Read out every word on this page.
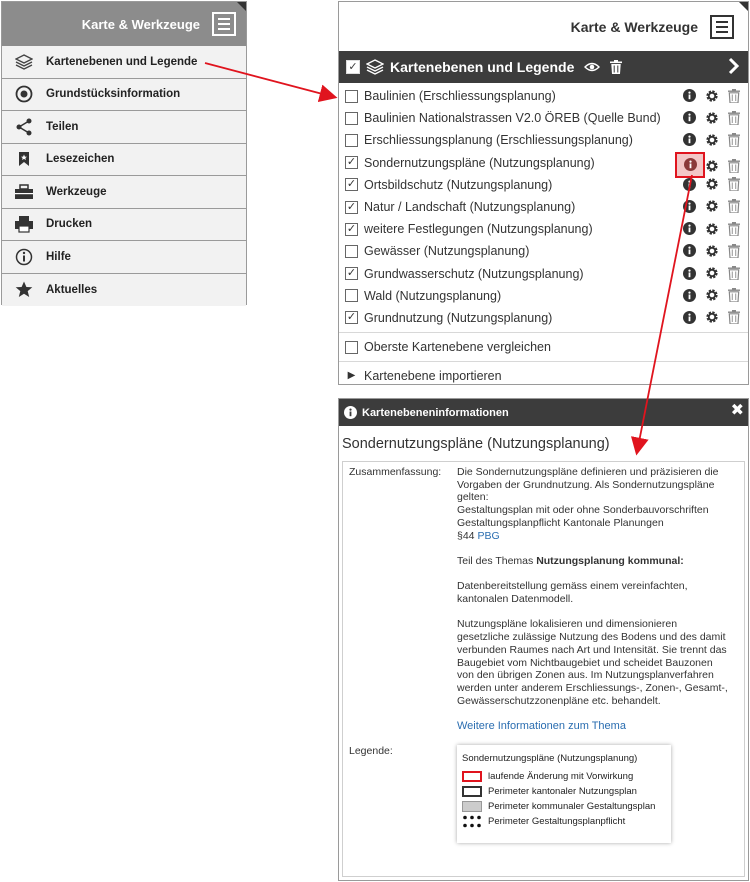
Karte & Werkzeuge
Kartenebenen und Legende
Grundstücksinformation
Teilen
Lesezeichen
Werkzeuge
Drucken
Hilfe
Aktuelles
Karte & Werkzeuge
✓ Kartenebenen und Legende
Baulinien (Erschliessungsplanung)
Baulinien Nationalstrassen V2.0 ÖREB (Quelle Bund)
Erschliessungsplanung (Erschliessungsplanung)
✓ Sondernutzungspläne (Nutzungsplanung)
✓ Ortsbildschutz (Nutzungsplanung)
✓ Natur / Landschaft (Nutzungsplanung)
✓ weitere Festlegungen (Nutzungsplanung)
Gewässer (Nutzungsplanung)
✓ Grundwasserschutz (Nutzungsplanung)
Wald (Nutzungsplanung)
✓ Grundnutzung (Nutzungsplanung)
Oberste Kartenebene vergleichen
▶ Kartenebene importieren
Kartenebeneninformationen	✖
Sondernutzungspläne (Nutzungsplanung)
Zusammenfassung: Die Sondernutzungspläne definieren und präzisieren die

Vorgaben der Grundnutzung. Als Sondernutzungspläne

gelten:

Gestaltungsplan mit oder ohne Sonderbauvorschriften

Gestaltungsplanpflicht Kantonale Planungen

§44 PBG

Teil des Themas Nutzungsplanung kommunal:

Datenbereitstellung gemäss einem vereinfachten,

kantonalen Datenmodell.

Nutzungspläne lokalisieren und dimensionieren

gesetzliche zulässige Nutzung des Bodens und des damit

verbunden Raumes nach Art und Intensität. Sie trennt das

Baugebiet vom Nichtbaugebiet und scheidet Bauzonen

von den übrigen Zonen aus. Im Nutzungsplanverfahren

werden unter anderem Erschliessungs-, Zonen-, Gesamt-,

Gewässerschutzzonenpläne etc. behandelt.

Weitere Informationen zum Thema

Legende:
Sondernutzungspläne (Nutzungsplanung)
laufende Änderung mit Vorwirkung
Perimeter kantonaler Nutzungsplan
Perimeter kommunaler Gestaltungsplan
Perimeter Gestaltungsplanpflicht
